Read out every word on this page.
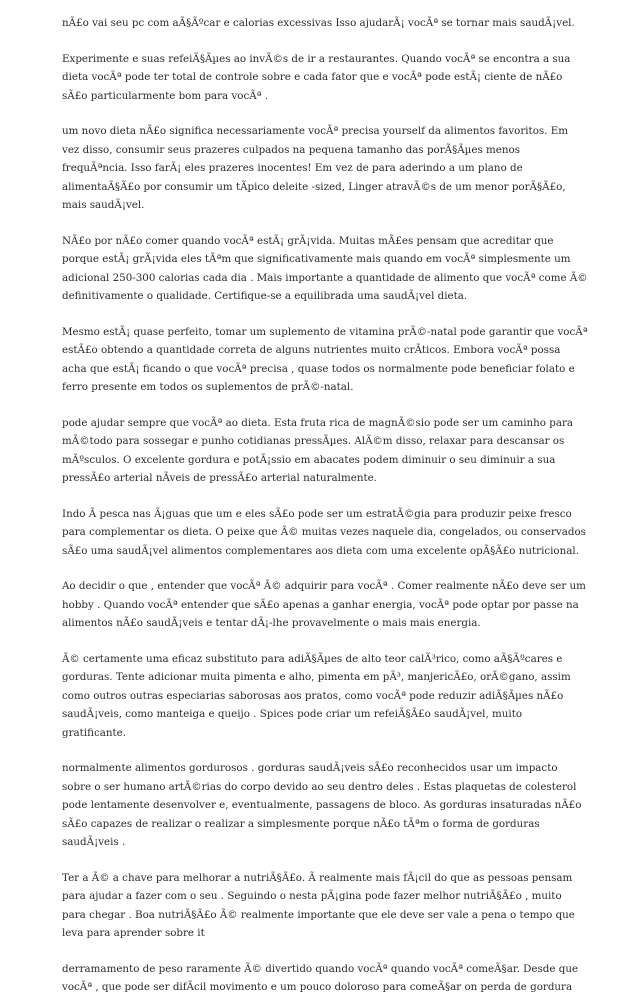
nÃ£o vai seu pc com aÃ§Ãºcar e calorias excessivas Isso ajudarÃ¡ vocÃª se tornar mais saudÃ¡vel.

Experimente e suas refeiÃ§Ãµes ao invÃ©s de ir a restaurantes. Quando vocÃª se encontra a sua dieta vocÃª pode ter total de controle sobre e cada fator que e vocÃª pode estÃ¡ ciente de nÃ£o sÃ£o particularmente bom para vocÃª .

um novo dieta nÃ£o significa necessariamente vocÃª precisa yourself da alimentos favoritos. Em vez disso, consumir seus prazeres culpados na pequena tamanho das porÃ§Ãµes menos frequÃªncia. Isso farÃ¡ eles prazeres inocentes! Em vez de para aderindo a um plano de alimentaÃ§Ã£o por consumir um tÃpico deleite -sized, Linger atravÃ©s de um menor porÃ§Ã£o, mais saudÃ¡vel.

NÃ£o por nÃ£o comer quando vocÃª estÃ¡ grÃ¡vida. Muitas mÃ£es pensam que acreditar que porque estÃ¡ grÃ¡vida eles tÃªm que significativamente mais quando em vocÃª simplesmente um adicional 250-300 calorias cada dia . Mais importante a quantidade de alimento que vocÃª come Ã© definitivamente o qualidade. Certifique-se a equilibrada uma saudÃ¡vel dieta.

Mesmo estÃ¡ quase perfeito, tomar um suplemento de vitamina prÃ©-natal pode garantir que vocÃª estÃ£o obtendo a quantidade correta de alguns nutrientes muito crÃticos. Embora vocÃª possa acha que estÃ¡ ficando o que vocÃª precisa , quase todos os normalmente pode beneficiar folato e ferro presente em todos os suplementos de prÃ©-natal.

pode ajudar sempre que vocÃª ao dieta. Esta fruta rica de magnÃ©sio pode ser um caminho para mÃ©todo para sossegar e punho cotidianas pressÃµes. AlÃ©m disso, relaxar para descansar os mÃºsculos. O excelente gordura e potÃ¡ssio em abacates podem diminuir o seu diminuir a sua pressÃ£o arterial nÃveis de pressÃ£o arterial naturalmente.

Indo Ã pesca nas Ã¡guas que um e eles sÃ£o pode ser um estratÃ©gia para produzir peixe fresco para complementar os dieta. O peixe que Ã© muitas vezes naquele dia, congelados, ou conservados sÃ£o uma saudÃ¡vel alimentos complementares aos dieta com uma excelente opÃ§Ã£o nutricional.

Ao decidir o que , entender que vocÃª Ã© adquirir para vocÃª . Comer realmente nÃ£o deve ser um hobby . Quando vocÃª entender que sÃ£o apenas a ganhar energia, vocÃª pode optar por passe na alimentos nÃ£o saudÃ¡veis e tentar dÃ¡-lhe provavelmente o mais mais energia.

Ã© certamente uma eficaz substituto para adiÃ§Ãµes de alto teor calÃ³rico, como aÃ§Ãºcares e gorduras. Tente adicionar muita pimenta e alho, pimenta em pÃ³, manjericÃ£o, orÃ©gano, assim como outros outras especiarias saborosas aos pratos, como vocÃª pode reduzir adiÃ§Ãµes nÃ£o saudÃ¡veis, como manteiga e queijo . Spices pode criar um refeiÃ§Ã£o saudÃ¡vel, muito gratificante.

normalmente alimentos gordurosos . gorduras saudÃ¡veis sÃ£o reconhecidos usar um impacto sobre o ser humano artÃ©rias do corpo devido ao seu dentro deles . Estas plaquetas de colesterol pode lentamente desenvolver e, eventualmente, passagens de bloco. As gorduras insaturadas nÃ£o sÃ£o capazes de realizar o realizar a simplesmente porque nÃ£o tÃªm o forma de gorduras saudÃ¡veis .

Ter a Ã© a chave para melhorar a nutriÃ§Ã£o. Ã realmente mais fÃ¡cil do que as pessoas pensam para ajudar a fazer com o seu . Seguindo o nesta pÃ¡gina pode fazer melhor nutriÃ§Ã£o , muito para chegar . Boa nutriÃ§Ã£o Ã© realmente importante que ele deve ser vale a pena o tempo que leva para aprender sobre it

derramamento de peso raramente Ã© divertido quando vocÃª quando vocÃª comeÃ§ar. Desde que vocÃª , que pode ser difÃcil movimento e um pouco doloroso para comeÃ§ar on perda de gordura
